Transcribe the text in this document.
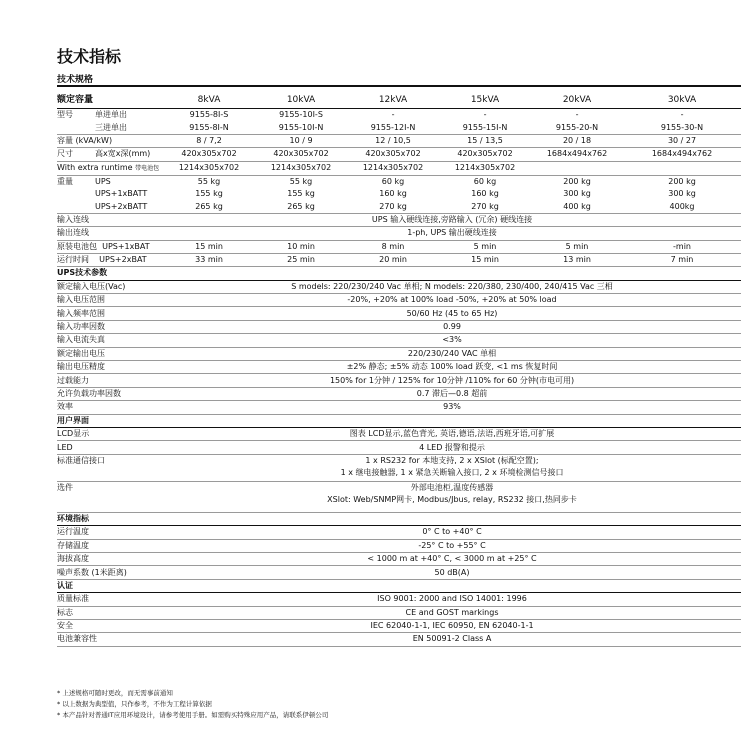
技术指标
技术规格
额定容量		8kVA	10kVA	12kVA	15kVA	20kVA	30kVA
型号	单进单出	9155-8I-S	9155-10I-S	-	-	-	-
	三进单出	9155-8I-N	9155-10I-N	9155-12I-N	9155-15I-N	9155-20-N	9155-30-N
容量 (kVA/kW)		8 / 7,2	10 / 9	12 / 10,5	15 / 13,5	20 / 18	30 / 27
尺寸	高x宽x深(mm)	420x305x702	420x305x702	420x305x702	420x305x702	1684x494x762	1684x494x762
With extra runtime 带电池包		1214x305x702	1214x305x702	1214x305x702	1214x305x702		
重量	UPS	55 kg	55 kg	60 kg	60 kg	200 kg	200 kg
	UPS+1xBATT	155 kg	155 kg	160 kg	160 kg	300 kg	300 kg
	UPS+2xBATT	265 kg	265 kg	270 kg	270 kg	400 kg	400kg
输入连线		UPS 输入硬线连接,旁路输入 (冗余) 硬线连接					
输出连线		1-ph, UPS 输出硬线连接					
原装电池包 UPS+1xBAT		15 min	10 min	8 min	5 min	5 min	-min
运行时间 UPS+2xBAT		33 min	25 min	20 min	15 min	13 min	7 min
UPS技术参数							
额定输入电压(Vac)		S models: 220/230/240 Vac 单相; N models: 220/380, 230/400, 240/415 Vac 三相					
输入电压范围		-20%, +20% at 100% load -50%, +20% at 50% load					
输入频率范围		50/60 Hz (45 to 65 Hz)					
输入功率因数		0.99					
输入电流失真		<3%					
额定输出电压		220/230/240 VAC 单相					
输出电压精度		±2% 静态; ±5% 动态 100% load 跃变, <1 ms 恢复时间					
过载能力		150% for 1分钟 / 125% for 10分钟 /110% for 60 分钟(市电可用)					
允许负载功率因数		0.7 滞后—0.8 超前					
效率		93%					
用户界面							
LCD显示		图表 LCD显示,蓝色背光, 英语,德语,法语,西班牙语,可扩展					
LED		4 LED 报警和提示					
标准通信接口		1 x RS232 for 本地支持, 2 x XSlot (标配空置);
1 x 继电接触器, 1 x 紧急关断输入接口, 2 x 环境检测信号接口					

选件		外部电池柜,温度传感器
XSlot: Web/SNMP网卡, Modbus/Jbus, relay, RS232 接口,热同步卡					

环境指标							
运行温度		0° C to +40° C					
存储温度		-25° C to +55° C					
海拔高度		< 1000 m at +40° C, < 3000 m at +25° C					
噪声系数 (1米距离)		50 dB(A)					
认证							
质量标准		ISO 9001: 2000 and ISO 14001: 1996					
标志		CE and GOST markings					
安全		IEC 62040-1-1, IEC 60950, EN 62040-1-1					
电池兼容性		EN 50091-2 Class A					
* 上述规格可随时更改，而无需事前通知
* 以上数据为典型值，只作参考，不作为工程计算依据
* 本产品针对普通IT应用环境设计，请参考使用手册。如需购买特殊应用产品，请联系伊顿公司
